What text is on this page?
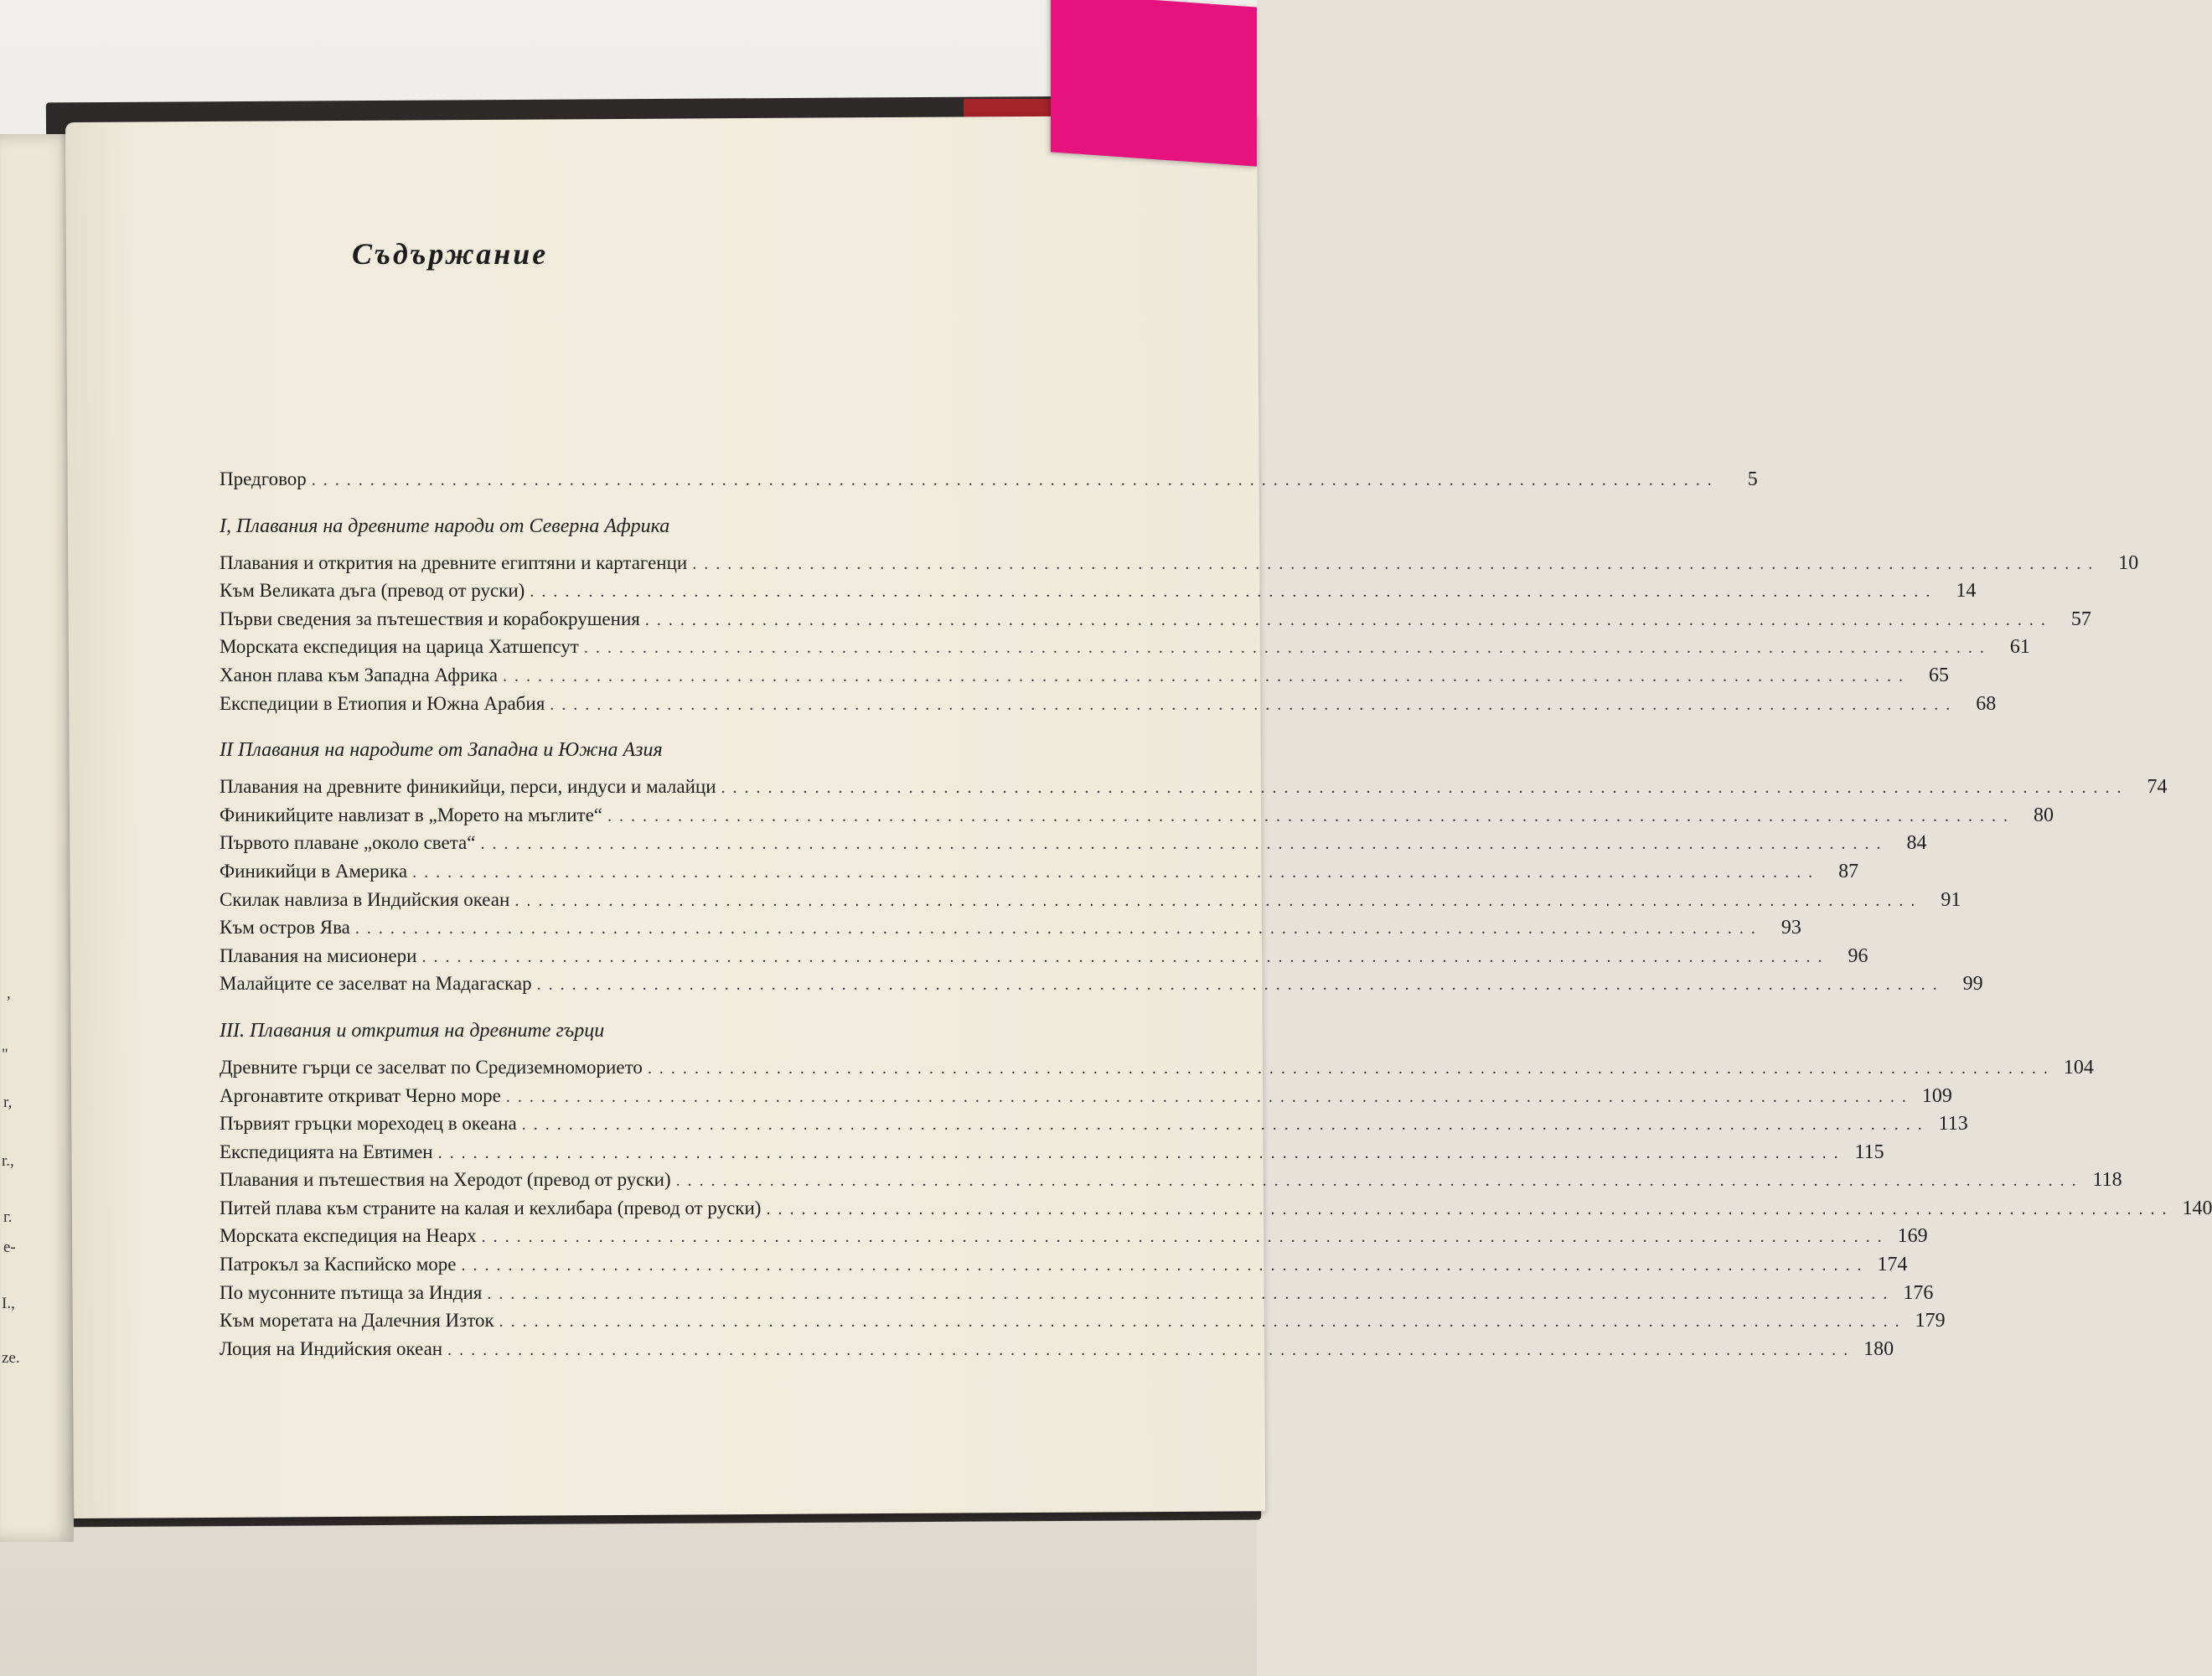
,
"
r,
r.,
г.
e-
I.,
ze.
Съдържание
Предговор ........................................................................................................................	5
I, Плавания на древните народи от Северна Африка
Плавания и открития на древните египтяни и картагенци ........................................................................................................................ 10
Към Великата дъга (превод от руски) ........................................................................................................................ 14
Първи сведения за пътешествия и корабокрушения ........................................................................................................................ 57
Морската експедиция на царица Хатшепсут ........................................................................................................................ 61
Ханон плава към Западна Африка ........................................................................................................................ 65
Експедиции в Етиопия и Южна Арабия ........................................................................................................................ 68
II Плавания на народите от Западна и Южна Азия
Плавания на древните финикийци, перси, индуси и малайци ........................................................................................................................ 74
Финикийците навлизат в „Морето на мъглите“ ........................................................................................................................ 80
Първото плаване „около света“ ........................................................................................................................ 84
Финикийци в Америка ........................................................................................................................ 87
Скилак навлиза в Индийския океан ........................................................................................................................ 91
Към остров Ява ........................................................................................................................ 93
Плавания на мисионери ........................................................................................................................ 96
Малайците се заселват на Мадагаскар ........................................................................................................................ 99
III. Плавания и открития на древните гърци
Древните гърци се заселват по Средиземноморието ........................................................................................................................ 104
Аргонавтите откриват Черно море ........................................................................................................................ 109
Първият гръцки мореходец в океана ........................................................................................................................ 113
Експедицията на Евтимен ........................................................................................................................ 115
Плавания и пътешествия на Херодот (превод от руски) ........................................................................................................................ 118
Питей плава към страните на калая и кехлибара (превод от руски) ........................................................................................................................ 140
Морската експедиция на Неарх ........................................................................................................................ 169
Патрокъл за Каспийско море ........................................................................................................................ 174
По мусонните пътища за Индия ........................................................................................................................ 176
Към моретата на Далечния Изток ........................................................................................................................ 179
Лоция на Индийския океан ........................................................................................................................ 180
